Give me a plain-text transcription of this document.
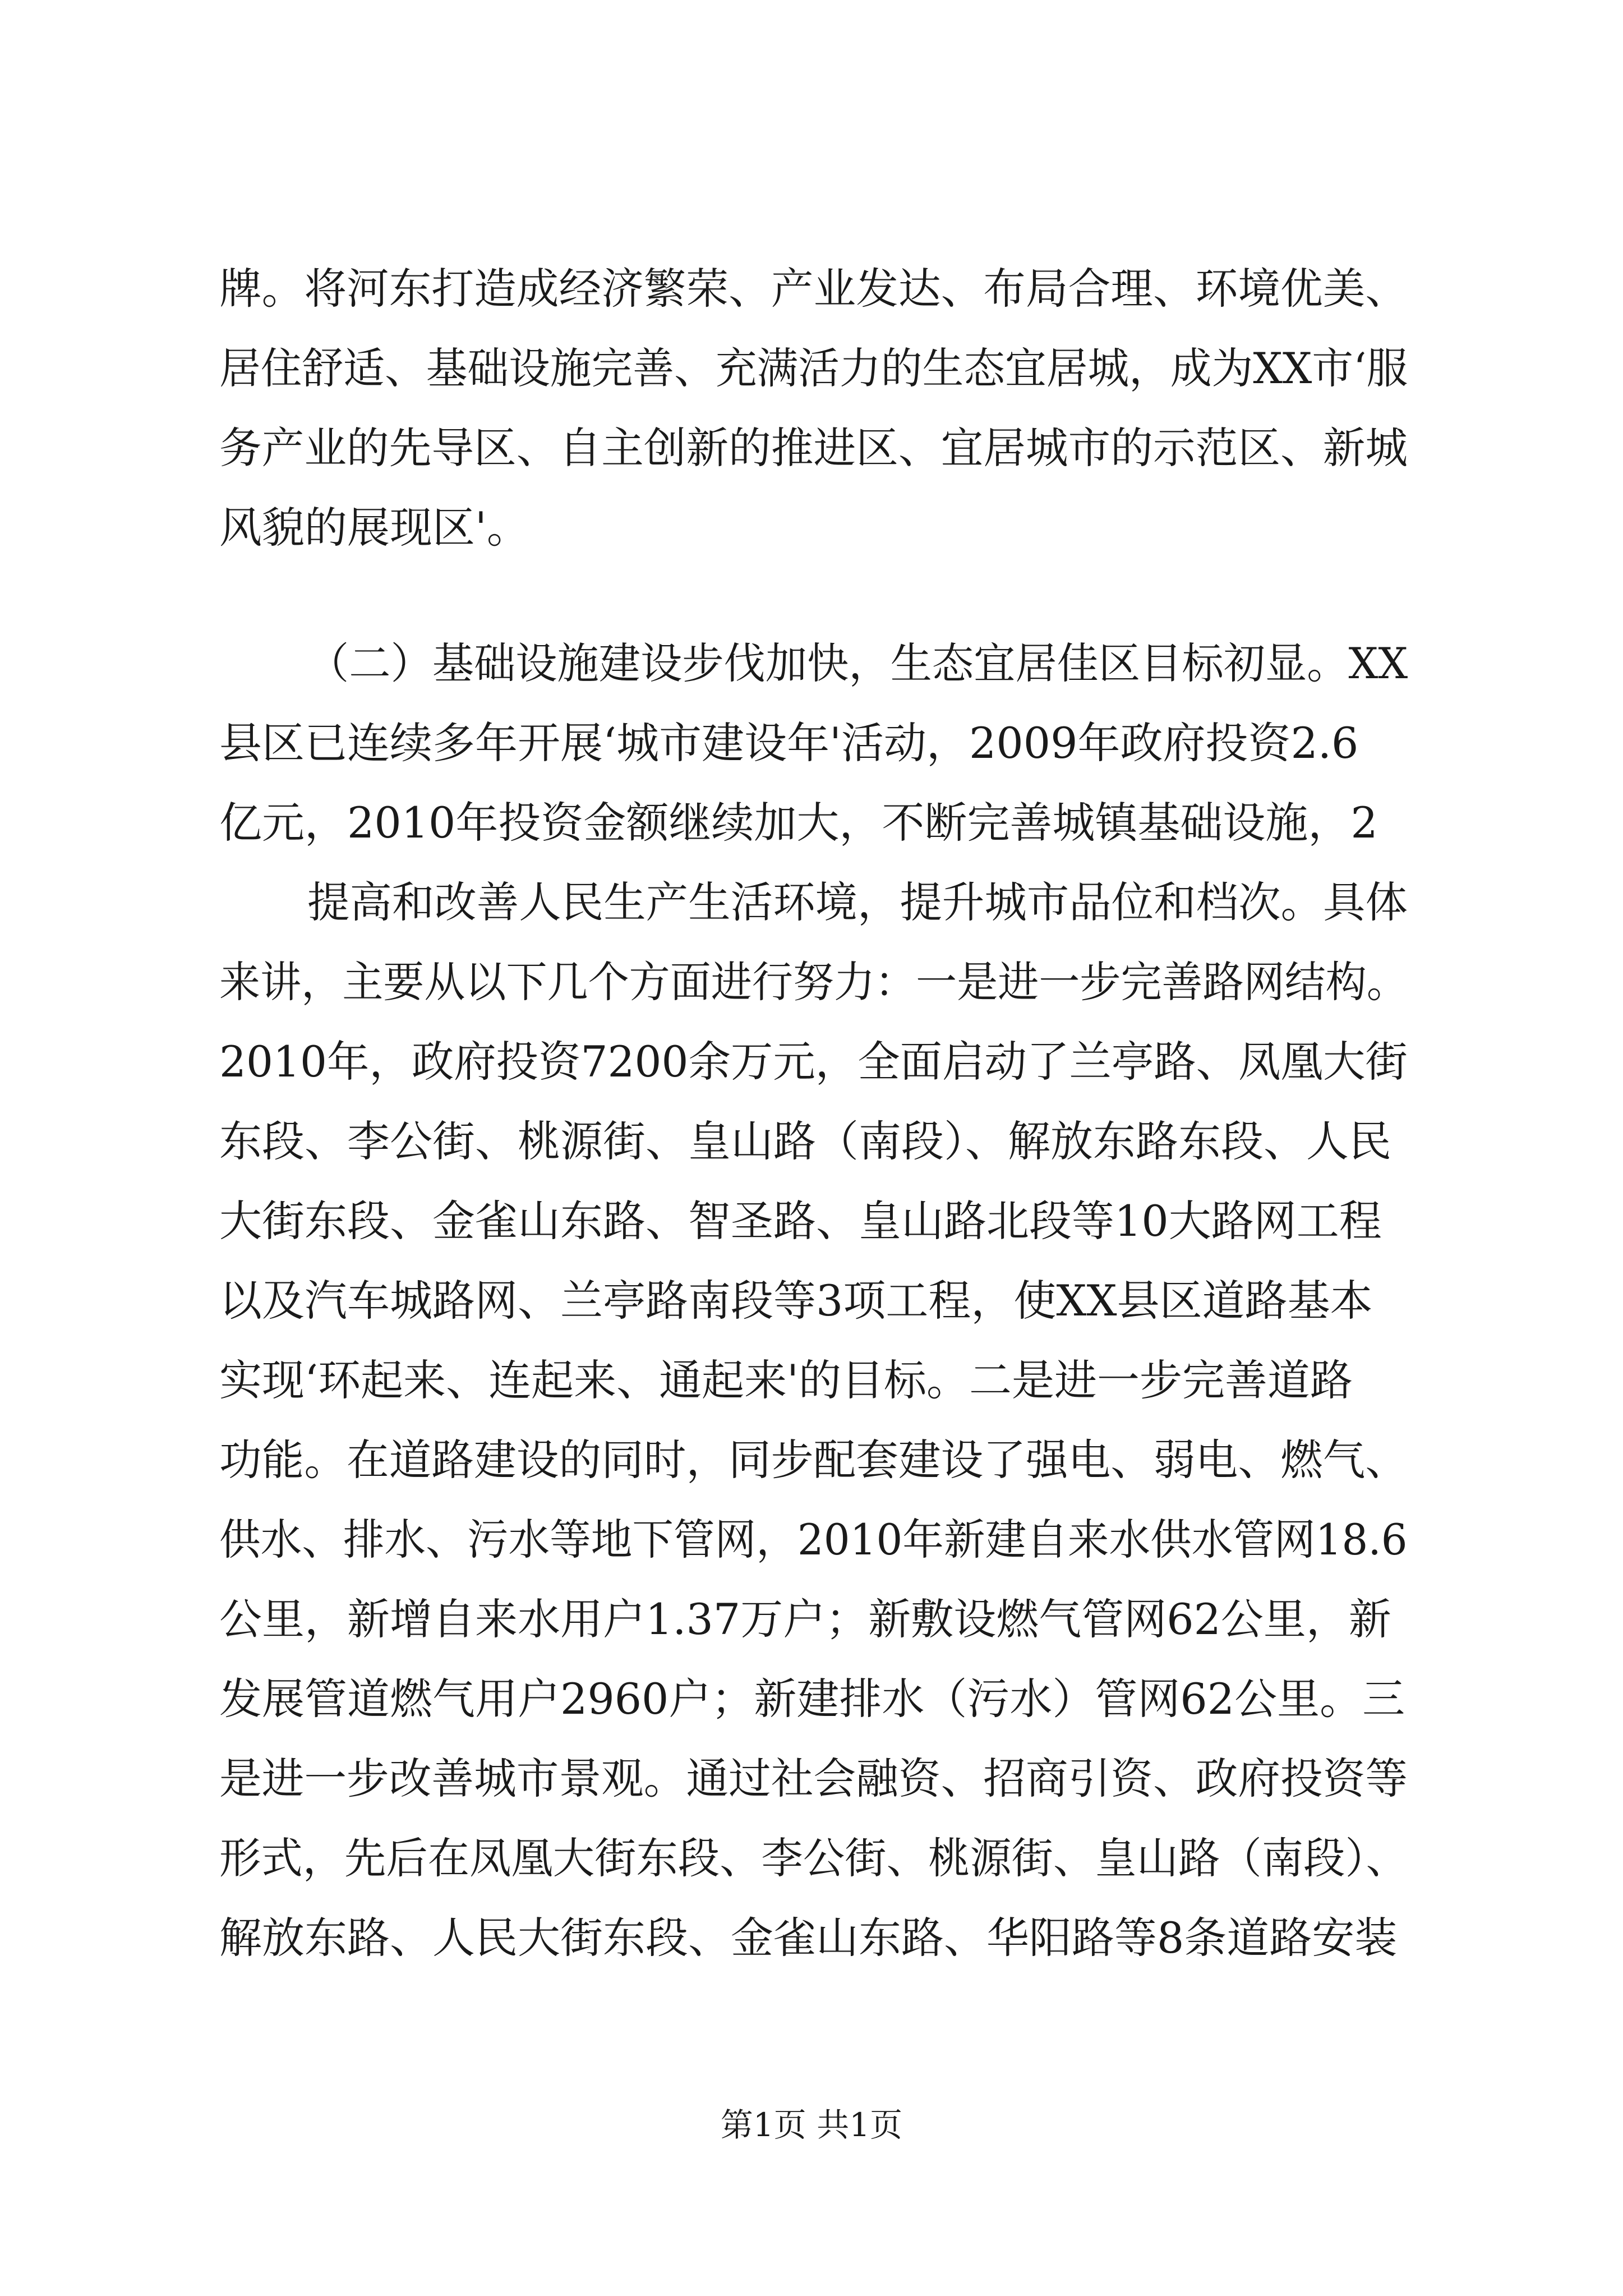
牌。将河东打造成经济繁荣、产业发达、布局合理、环境优美、
居住舒适、基础设施完善、充满活力的生态宜居城，成为XX市‘服
务产业的先导区、自主创新的推进区、宜居城市的示范区、新城
风貌的展现区'。
（二）基础设施建设步伐加快，生态宜居佳区目标初显。XX
县区已连续多年开展‘城市建设年'活动，2009年政府投资2.6
亿元，2010年投资金额继续加大，不断完善城镇基础设施，2
提高和改善人民生产生活环境，提升城市品位和档次。具体
来讲，主要从以下几个方面进行努力：一是进一步完善路网结构。
2010年，政府投资7200余万元，全面启动了兰亭路、凤凰大街
东段、李公街、桃源街、皇山路（南段）、解放东路东段、人民
大街东段、金雀山东路、智圣路、皇山路北段等10大路网工程
以及汽车城路网、兰亭路南段等3项工程，使XX县区道路基本
实现‘环起来、连起来、通起来'的目标。二是进一步完善道路
功能。在道路建设的同时，同步配套建设了强电、弱电、燃气、
供水、排水、污水等地下管网，2010年新建自来水供水管网18.6
公里，新增自来水用户1.37万户；新敷设燃气管网62公里，新
发展管道燃气用户2960户；新建排水（污水）管网62公里。三
是进一步改善城市景观。通过社会融资、招商引资、政府投资等
形式，先后在凤凰大街东段、李公街、桃源街、皇山路（南段）、
解放东路、人民大街东段、金雀山东路、华阳路等8条道路安装
第1页 共1页
